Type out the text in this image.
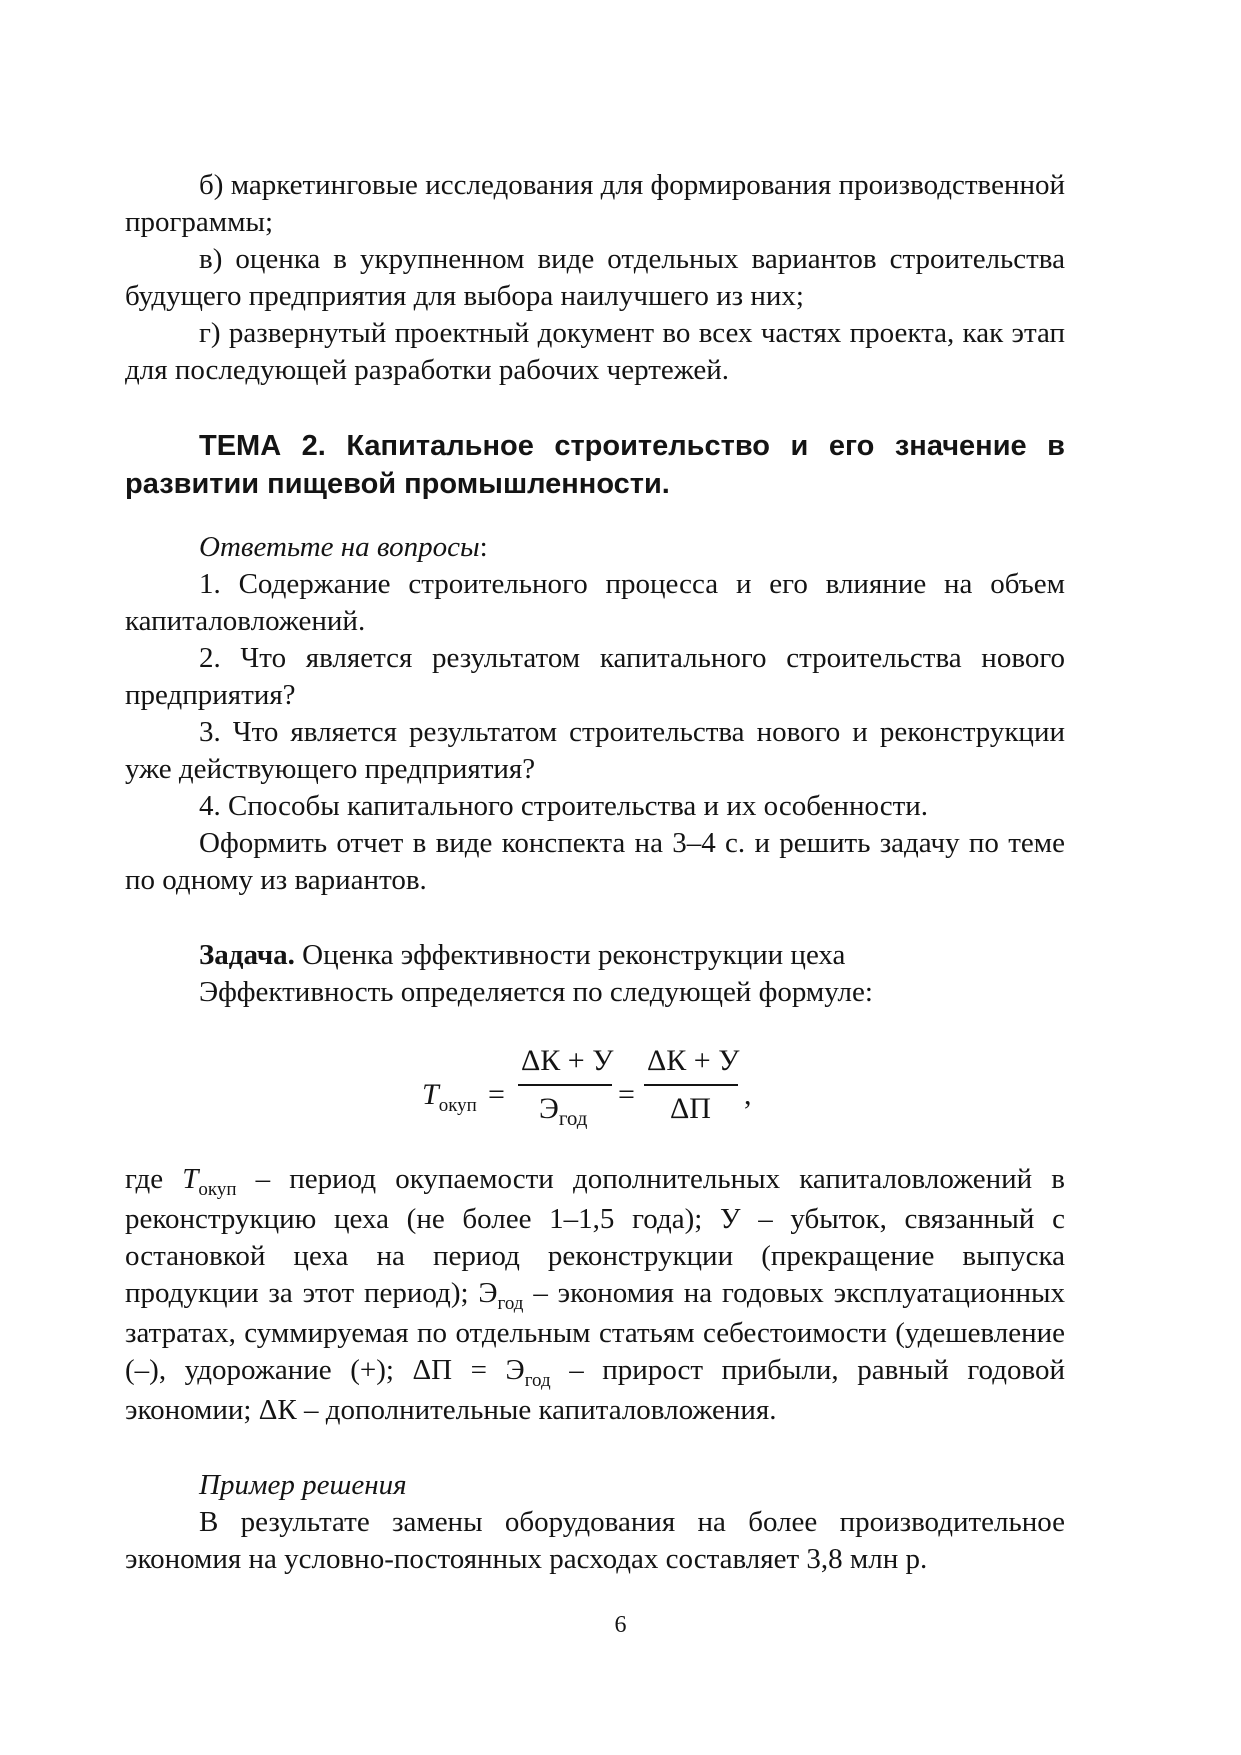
б) маркетинговые исследования для формирования производственной программы;

в) оценка в укрупненном виде отдельных вариантов строительства будущего предприятия для выбора наилучшего из них;

г) развернутый проектный документ во всех частях проекта, как этап для последующей разработки рабочих чертежей.

ТЕМА 2. Капитальное строительство и его значение в развитии пищевой промышленности.

Ответьте на вопросы:

1. Содержание строительного процесса и его влияние на объем капиталовложений.

2. Что является результатом капитального строительства нового предприятия?

3. Что является результатом строительства нового и реконструкции уже действующего предприятия?

4. Способы капитального строительства и их особенности.

Оформить отчет в виде конспекта на 3–4 с. и решить задачу по теме по одному из вариантов.

Задача. Оценка эффективности реконструкции цеха

Эффективность определяется по следующей формуле:

где $T_{окуп}$ – период окупаемости дополнительных капиталовложений в реконструкцию цеха (не более 1–1,5 года); У – убыток, связанный с остановкой цеха на период реконструкции (прекращение выпуска продукции за этот период); $Э_{год}$ – экономия на годовых эксплуатационных затратах, суммируемая по отдельным статьям себестоимости (удешевление (–), удорожание (+); $\Delta П = Э_{год}$ – прирост прибыли, равный годовой экономии; ΔК – дополнительные капиталовложения.

Пример решения

В результате замены оборудования на более производительное экономия на условно-постоянных расходах составляет 3,8 млн р.

$T_{окуп}$ =
ΔК + У
$Э_{год}$
=
ΔК + У
ΔП ,
6
